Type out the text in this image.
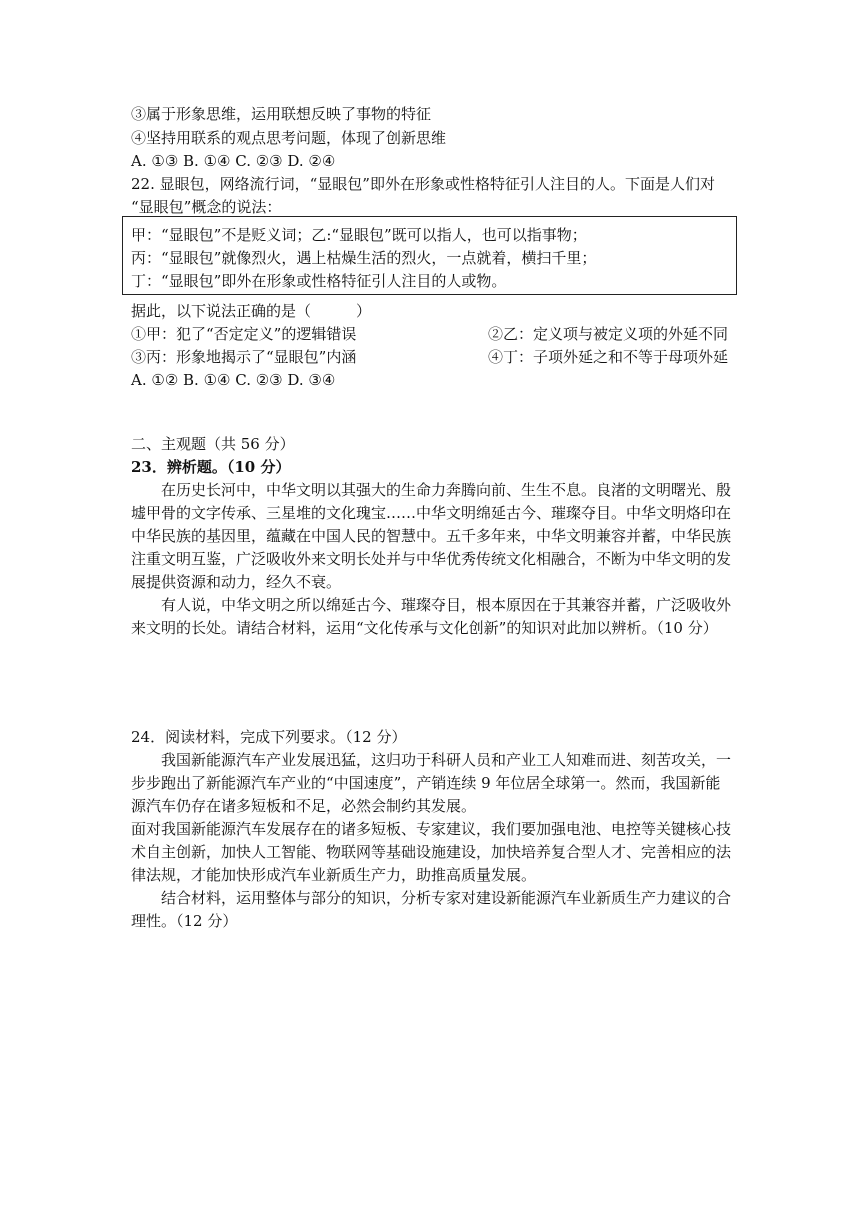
③属于形象思维，运用联想反映了事物的特征
④坚持用联系的观点思考问题，体现了创新思维
A. ①③ B. ①④ C. ②③ D. ②④
22. 显眼包，网络流行词，“显眼包”即外在形象或性格特征引人注目的人。下面是人们对
“显眼包”概念的说法：
甲：“显眼包”不是贬义词；乙:“显眼包”既可以指人，也可以指事物；
丙：“显眼包”就像烈火，遇上枯燥生活的烈火，一点就着，横扫千里；
丁：“显眼包”即外在形象或性格特征引人注目的人或物。
据此，以下说法正确的是（　　　）
①甲：犯了“否定定义”的逻辑错误	②乙：定义项与被定义项的外延不同
③丙：形象地揭示了“显眼包”内涵	④丁：子项外延之和不等于母项外延
A. ①② B. ①④ C. ②③ D. ③④
二、主观题（共 56 分）
23．辨析题。（10 分）
在历史长河中，中华文明以其强大的生命力奔腾向前、生生不息。良渚的文明曙光、殷
墟甲骨的文字传承、三星堆的文化瑰宝……中华文明绵延古今、璀璨夺目。中华文明烙印在
中华民族的基因里，蕴藏在中国人民的智慧中。五千多年来，中华文明兼容并蓄，中华民族
注重文明互鉴，广泛吸收外来文明长处并与中华优秀传统文化相融合，不断为中华文明的发
展提供资源和动力，经久不衰。
有人说，中华文明之所以绵延古今、璀璨夺目，根本原因在于其兼容并蓄，广泛吸收外
来文明的长处。请结合材料，运用“文化传承与文化创新”的知识对此加以辨析。（10 分）
24．阅读材料，完成下列要求。（12 分）
我国新能源汽车产业发展迅猛，这归功于科研人员和产业工人知难而进、刻苦攻关，一
步步跑出了新能源汽车产业的“中国速度”，产销连续 9 年位居全球第一。然而，我国新能
源汽车仍存在诸多短板和不足，必然会制约其发展。
面对我国新能源汽车发展存在的诸多短板、专家建议，我们要加强电池、电控等关键核心技
术自主创新，加快人工智能、物联网等基础设施建设，加快培养复合型人才、完善相应的法
律法规，才能加快形成汽车业新质生产力，助推高质量发展。
结合材料，运用整体与部分的知识，分析专家对建设新能源汽车业新质生产力建议的合
理性。（12 分）
